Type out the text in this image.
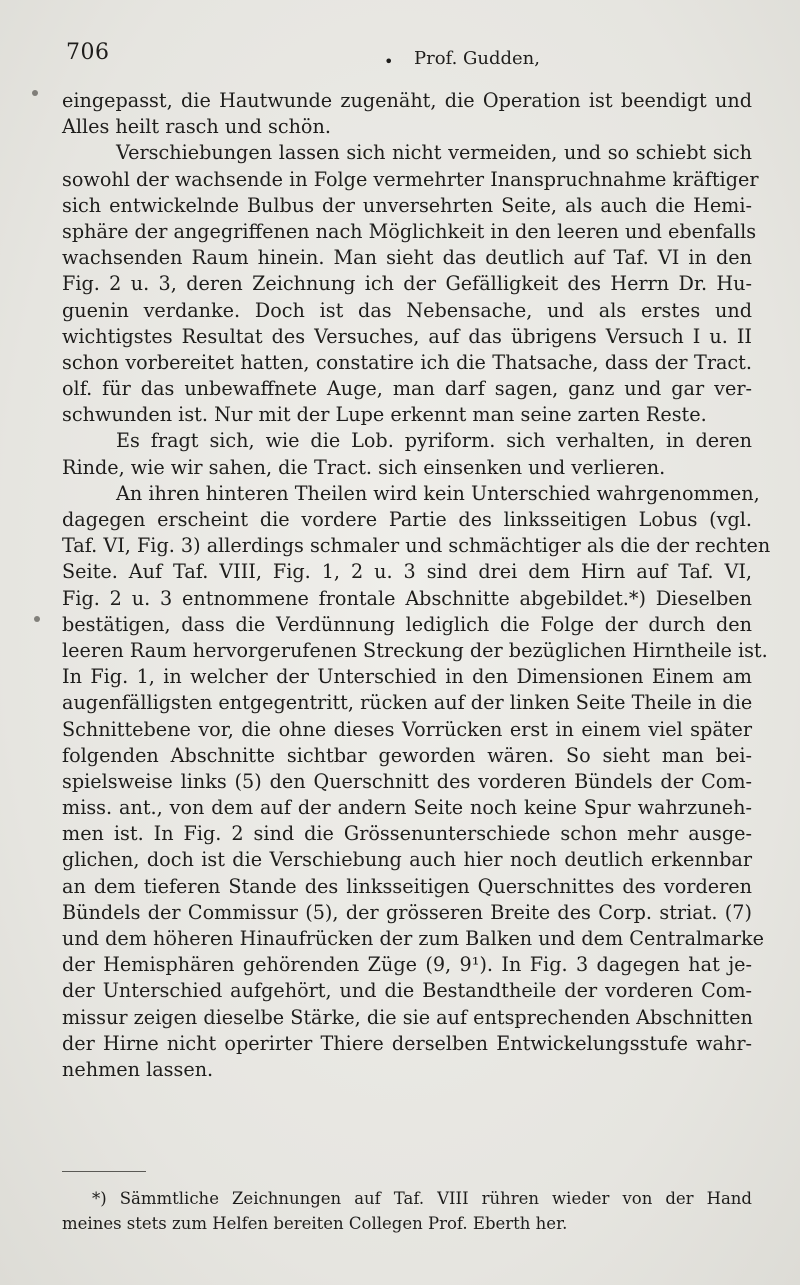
706	• Prof. Gudden,
eingepasst, die Hautwunde zugenäht, die Operation ist beendigt und
Alles heilt rasch und schön.
Verschiebungen lassen sich nicht vermeiden, und so schiebt sich
sowohl der wachsende in Folge vermehrter Inanspruchnahme kräftiger
sich entwickelnde Bulbus der unversehrten Seite, als auch die Hemi-
sphäre der angegriffenen nach Möglichkeit in den leeren und ebenfalls
wachsenden Raum hinein. Man sieht das deutlich auf Taf. VI in den
Fig. 2 u. 3, deren Zeichnung ich der Gefälligkeit des Herrn Dr. Hu-
guenin verdanke. Doch ist das Nebensache, und als erstes und
wichtigstes Resultat des Versuches, auf das übrigens Versuch I u. II
schon vorbereitet hatten, constatire ich die Thatsache, dass der Tract.
olf. für das unbewaffnete Auge, man darf sagen, ganz und gar ver-
schwunden ist. Nur mit der Lupe erkennt man seine zarten Reste.
Es fragt sich, wie die Lob. pyriform. sich verhalten, in deren
Rinde, wie wir sahen, die Tract. sich einsenken und verlieren.
An ihren hinteren Theilen wird kein Unterschied wahrgenommen,
dagegen erscheint die vordere Partie des linksseitigen Lobus (vgl.
Taf. VI, Fig. 3) allerdings schmaler und schmächtiger als die der rechten
Seite. Auf Taf. VIII, Fig. 1, 2 u. 3 sind drei dem Hirn auf Taf. VI,
Fig. 2 u. 3 entnommene frontale Abschnitte abgebildet.*) Dieselben
bestätigen, dass die Verdünnung lediglich die Folge der durch den
leeren Raum hervorgerufenen Streckung der bezüglichen Hirntheile ist.
In Fig. 1, in welcher der Unterschied in den Dimensionen Einem am
augenfälligsten entgegentritt, rücken auf der linken Seite Theile in die
Schnittebene vor, die ohne dieses Vorrücken erst in einem viel später
folgenden Abschnitte sichtbar geworden wären. So sieht man bei-
spielsweise links (5) den Querschnitt des vorderen Bündels der Com-
miss. ant., von dem auf der andern Seite noch keine Spur wahrzuneh-
men ist. In Fig. 2 sind die Grössenunterschiede schon mehr ausge-
glichen, doch ist die Verschiebung auch hier noch deutlich erkennbar
an dem tieferen Stande des linksseitigen Querschnittes des vorderen
Bündels der Commissur (5), der grösseren Breite des Corp. striat. (7)
und dem höheren Hinaufrücken der zum Balken und dem Centralmarke
der Hemisphären gehörenden Züge (9, 9¹). In Fig. 3 dagegen hat je-
der Unterschied aufgehört, und die Bestandtheile der vorderen Com-
missur zeigen dieselbe Stärke, die sie auf entsprechenden Abschnitten
der Hirne nicht operirter Thiere derselben Entwickelungsstufe wahr-
nehmen lassen.
*) Sämmtliche Zeichnungen auf Taf. VIII rühren wieder von der Hand
meines stets zum Helfen bereiten Collegen Prof. Eberth her.
